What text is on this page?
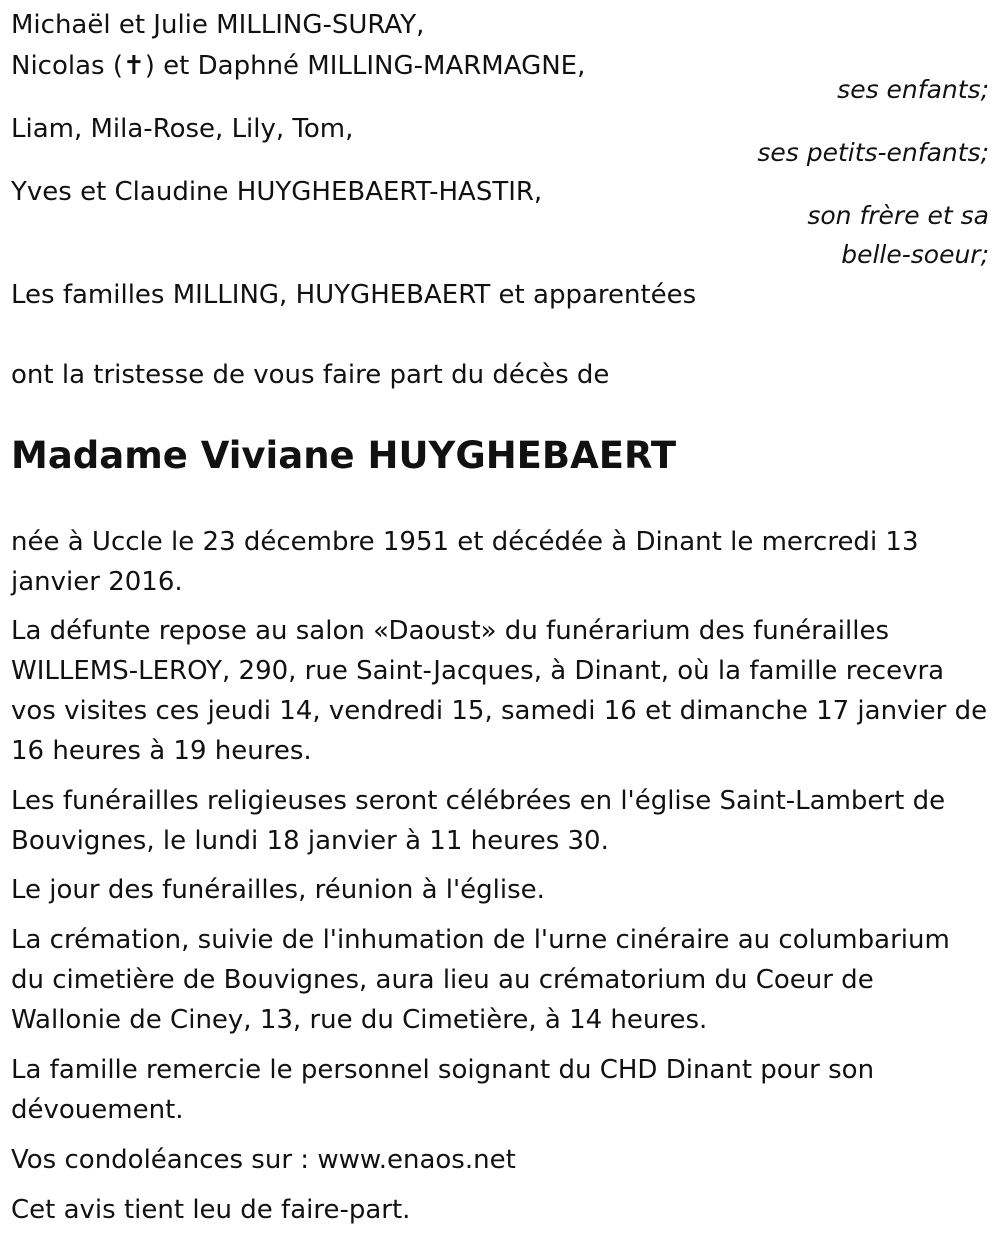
Michaël et Julie MILLING-SURAY,
Nicolas (✝) et Daphné MILLING-MARMAGNE,
ses enfants;
Liam, Mila-Rose, Lily, Tom,
ses petits-enfants;
Yves et Claudine HUYGHEBAERT-HASTIR,
son frère et sa
belle-soeur;
Les familles MILLING, HUYGHEBAERT et apparentées
ont la tristesse de vous faire part du décès de
Madame Viviane HUYGHEBAERT
née à Uccle le 23 décembre 1951 et décédée à Dinant le mercredi 13 janvier 2016.
La défunte repose au salon «Daoust» du funérarium des funérailles
WILLEMS-LEROY, 290, rue Saint-Jacques, à Dinant, où la famille recevra
vos visites ces jeudi 14, vendredi 15, samedi 16 et dimanche 17 janvier de
16 heures à 19 heures.
Les funérailles religieuses seront célébrées en l'église Saint-Lambert de Bouvignes, le lundi 18 janvier à 11 heures 30.
Le jour des funérailles, réunion à l'église.
La crémation, suivie de l'inhumation de l'urne cinéraire au columbarium du cimetière de Bouvignes, aura lieu au crématorium du Coeur de Wallonie de Ciney, 13, rue du Cimetière, à 14 heures.
La famille remercie le personnel soignant du CHD Dinant pour son dévouement.
Vos condoléances sur : www.enaos.net
Cet avis tient leu de faire-part.
